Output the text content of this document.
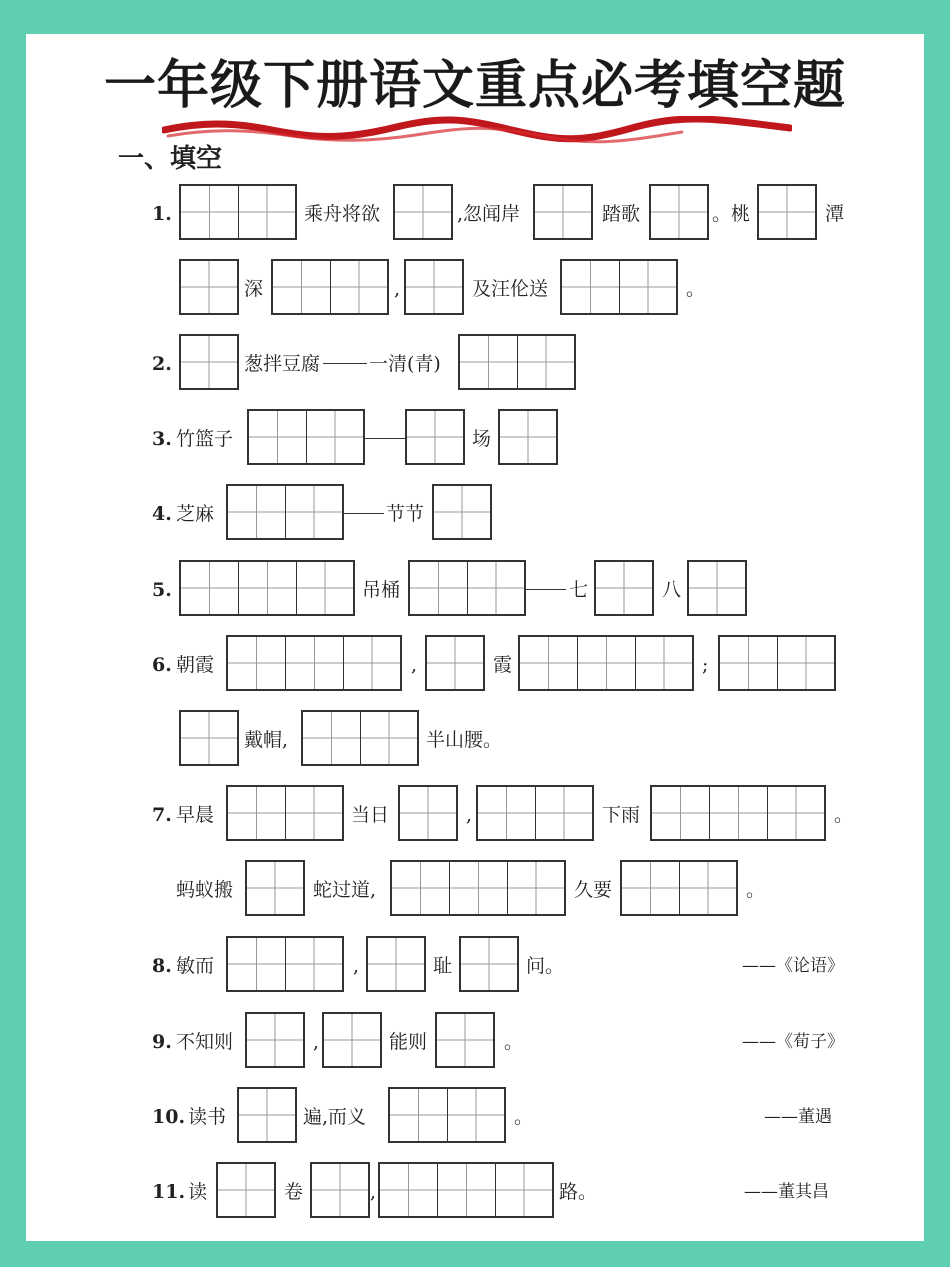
一年级下册语文重点必考填空题
一、填空
1.	乘舟将欲	,忽闻岸	踏歌	。桃	潭
深	,	及汪伦送	。
2.	葱拌豆腐	一清(青)
3. 竹篮子	场
4. 芝麻	节节
5.	吊桶	七	八
6. 朝霞	,	霞	;
戴帽,	半山腰。
7. 早晨	当日	,	下雨	。
蚂蚁搬	蛇过道,	久要	。
8. 敏而	,	耻	问。	——《论语》
9. 不知则	,	能则	。	——《荀子》
10. 读书	遍,而义	。	——董遇
11. 读	卷	,	路。	——董其昌
